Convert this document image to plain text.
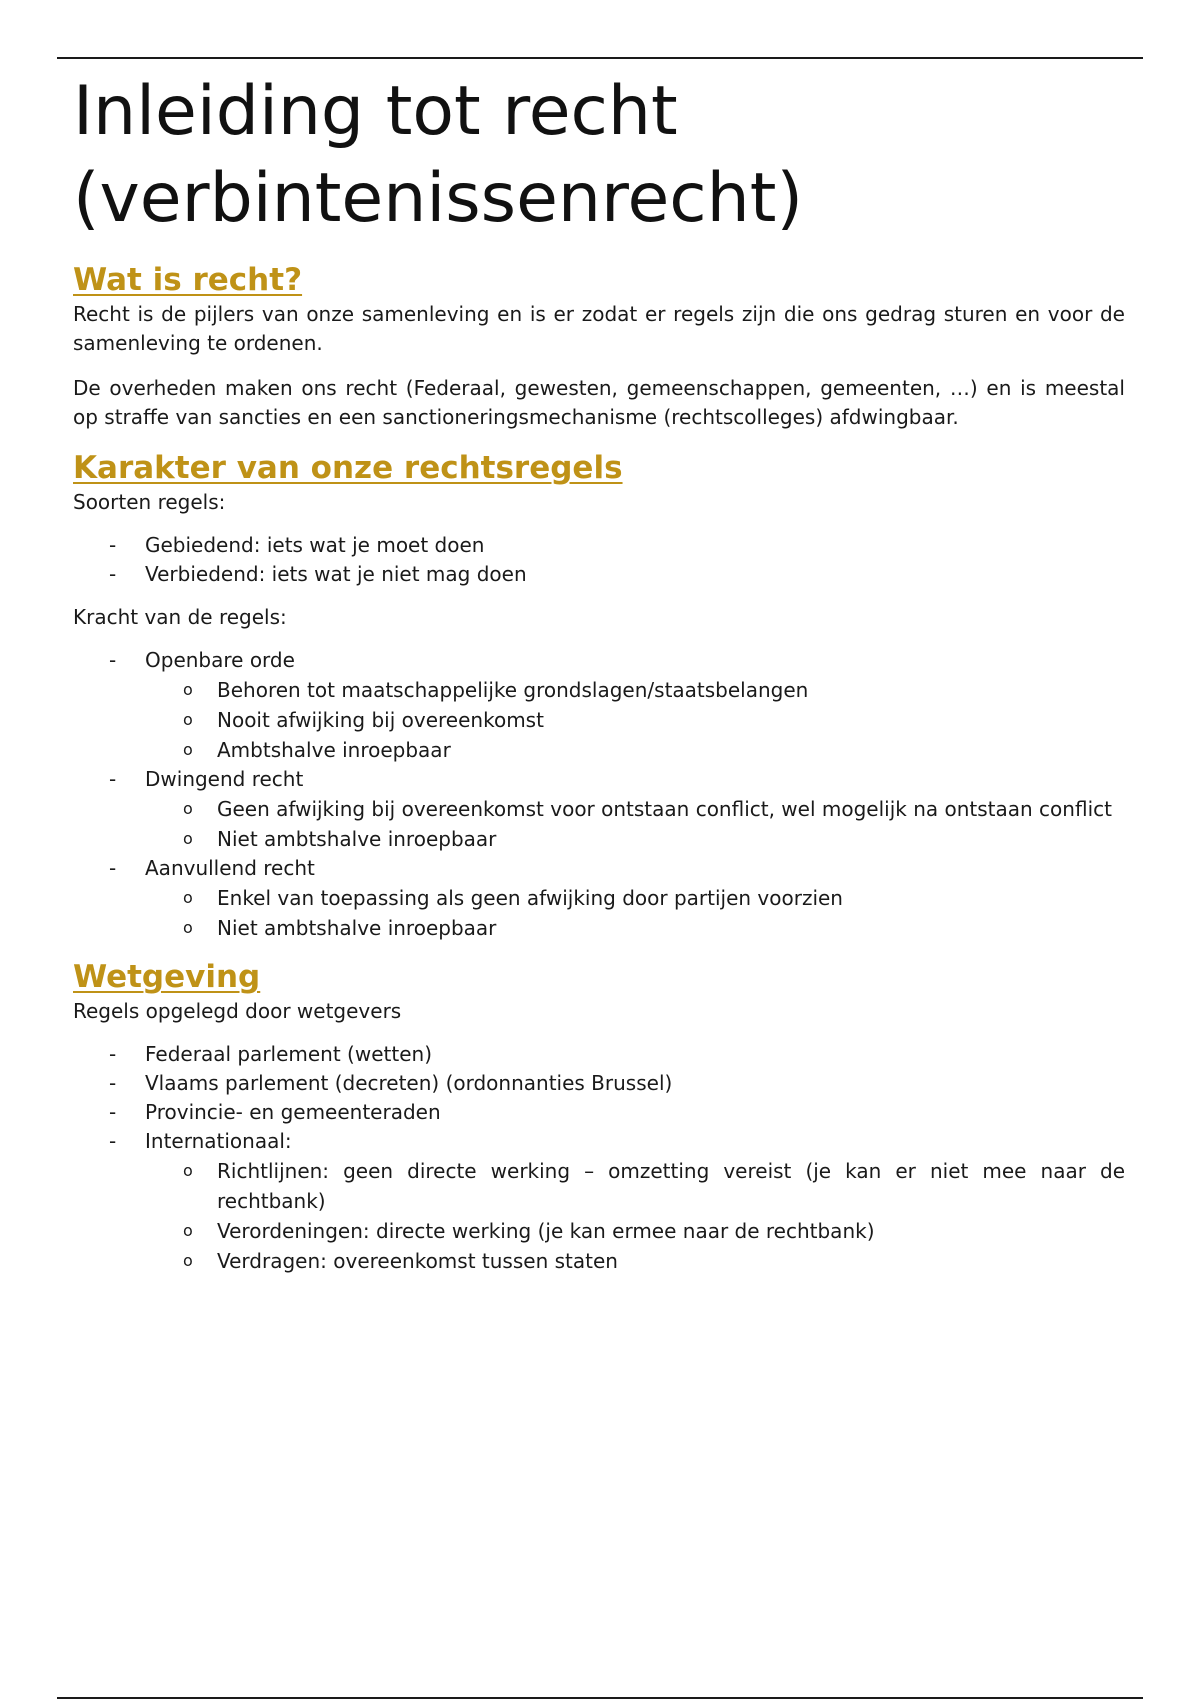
Inleiding tot recht (verbintenissenrecht)
Wat is recht?

Recht is de pijlers van onze samenleving en is er zodat er regels zijn die ons gedrag sturen en voor de samenleving te ordenen.

De overheden maken ons recht (Federaal, gewesten, gemeenschappen, gemeenten, …) en is meestal op straffe van sancties en een sanctioneringsmechanisme (rechtscolleges) afdwingbaar.

Karakter van onze rechtsregels

Soorten regels:

- Gebiedend: iets wat je moet doen
- Verbiedend: iets wat je niet mag doen

Kracht van de regels:

- Openbare orde
o Behoren tot maatschappelijke grondslagen/staatsbelangen
o Nooit afwijking bij overeenkomst
o Ambtshalve inroepbaar
- Dwingend recht
o Geen afwijking bij overeenkomst voor ontstaan conflict, wel mogelijk na ontstaan conflict
o Niet ambtshalve inroepbaar
- Aanvullend recht
o Enkel van toepassing als geen afwijking door partijen voorzien
o Niet ambtshalve inroepbaar
Wetgeving

Regels opgelegd door wetgevers

- Federaal parlement (wetten)
- Vlaams parlement (decreten) (ordonnanties Brussel)
- Provincie- en gemeenteraden
- Internationaal:
o Richtlijnen: geen directe werking – omzetting vereist (je kan er niet mee naar de rechtbank)
o Verordeningen: directe werking (je kan ermee naar de rechtbank)
o Verdragen: overeenkomst tussen staten
